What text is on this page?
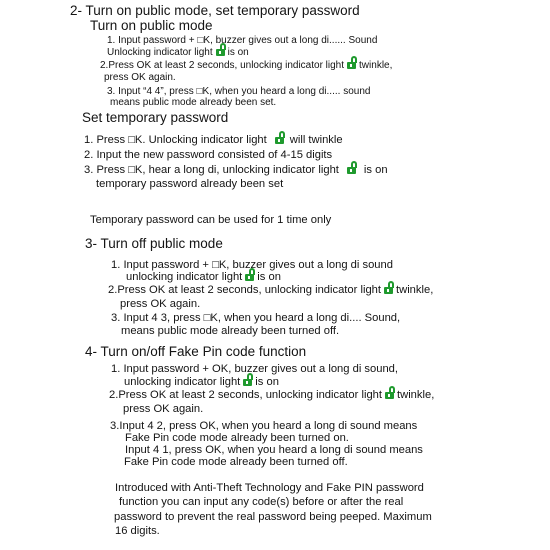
2- Turn on public mode, set temporary password
Turn on public mode
1. Input password + □K, buzzer gives out a long di...... Sound
Unlocking indicator light is on
2.Press OK at least 2 seconds, unlocking indicator light twinkle,
press OK again.
3. Input “4 4”, press □K, when you heard a long di..... sound
means public mode already been set.
Set temporary password
1. Press □K. Unlocking indicator light will twinkle
2. Input the new password consisted of 4-15 digits
3. Press □K, hear a long di, unlocking indicator light is on
temporary password already been set
Temporary password can be used for 1 time only
3- Turn off public mode
1. Input password + □K, buzzer gives out a long di sound
unlocking indicator light is on
2.Press OK at least 2 seconds, unlocking indicator light twinkle,
press OK again.
3. Input 4 3, press □K, when you heard a long di.... Sound,
means public mode already been turned off.
4- Turn on/off Fake Pin code function
1. Input password + OK, buzzer gives out a long di sound,
unlocking indicator light is on
2.Press OK at least 2 seconds, unlocking indicator light twinkle,
press OK again.
3.Input 4 2, press OK, when you heard a long di sound means
Fake Pin code mode already been turned on.
Input 4 1, press OK, when you heard a long di sound means
Fake Pin code mode already been turned off.
Introduced with Anti-Theft Technology and Fake PIN password
function you can input any code(s) before or after the real
password to prevent the real password being peeped. Maximum
16 digits.
